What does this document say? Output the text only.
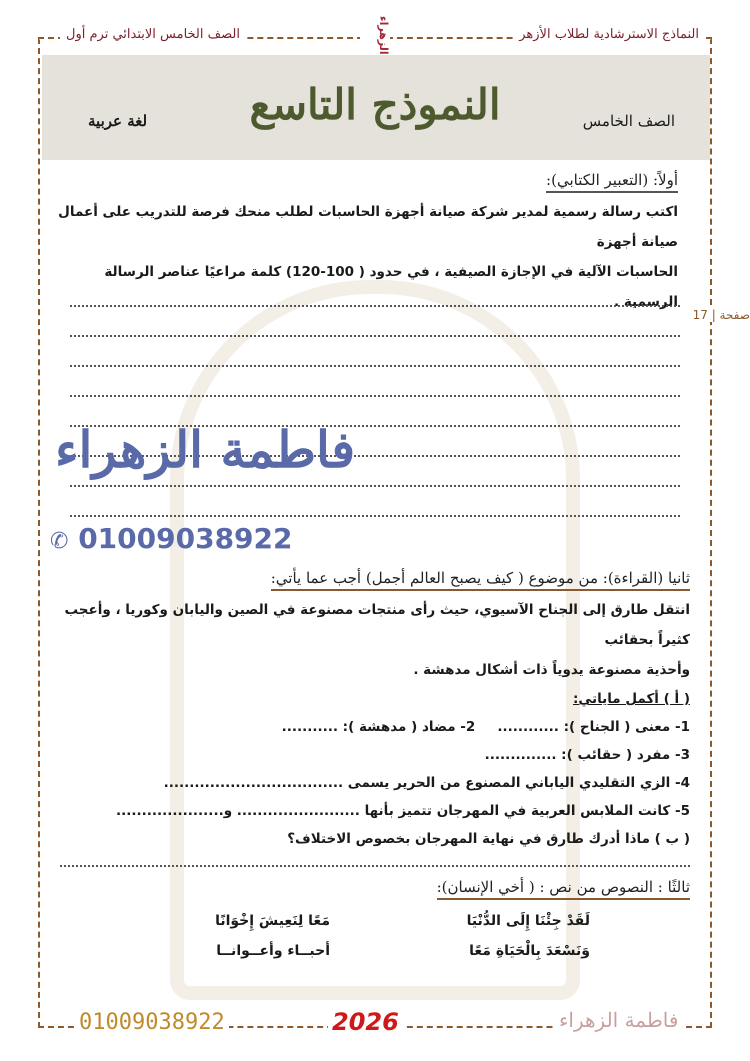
النماذج الاسترشادية لطلاب الأزهر
الصف الخامس الابتدائي ترم أول	الزهراء
النموذج التاسع	الصف الخامس
لغة عربية
صفحة | 17
أولاً: (التعبير الكتابي):
اكتب رسالة رسمية لمدير شركة صيانة أجهزة الحاسبات لطلب منحك فرصة للتدريب على أعمال صيانة أجهزة
الحاسبات الآلية في الإجازة الصيفية ، في حدود ( 100-120) كلمة مراعيًا عناصر الرسالة الرسمية .
فاطمة الزهراء
✆ 01009038922
ثانيا (القراءة): من موضوع ( كيف يصبح العالم أجمل) أجب عما يأتي:
انتقل طارق إلى الجناح الآسيوي، حيث رأى منتجات مصنوعة في الصين واليابان وكوريا ، وأعجب كثيراً بحقائب
وأحذية مصنوعة يدوياً ذات أشكال مدهشة .
( أ ) أكمل ماياتي:
1- معنى ( الجناح ): ............
2- مضاد ( مدهشة ): ...........
3- مفرد ( حقائب ): ..............
4- الزي التقليدي الياباني المصنوع من الحرير يسمى ...................................
5- كانت الملابس العربية في المهرجان تتميز بأنها ........................ و.....................
( ب ) ماذا أدرك طارق في نهاية المهرجان بخصوص الاختلاف؟
ثالثًا : النصوص من نص : ( أخي الإنسان):
لَقَدْ جِئْنَا إِلَى الدُّنْيَا
مَعًا لِنَعِيشَ إِخْوَانًا
وَنَسْعَدَ بِالْحَيَاةِ مَعًا
أحبــاء وأعــوانــا
01009038922	2026	فاطمة الزهراء
